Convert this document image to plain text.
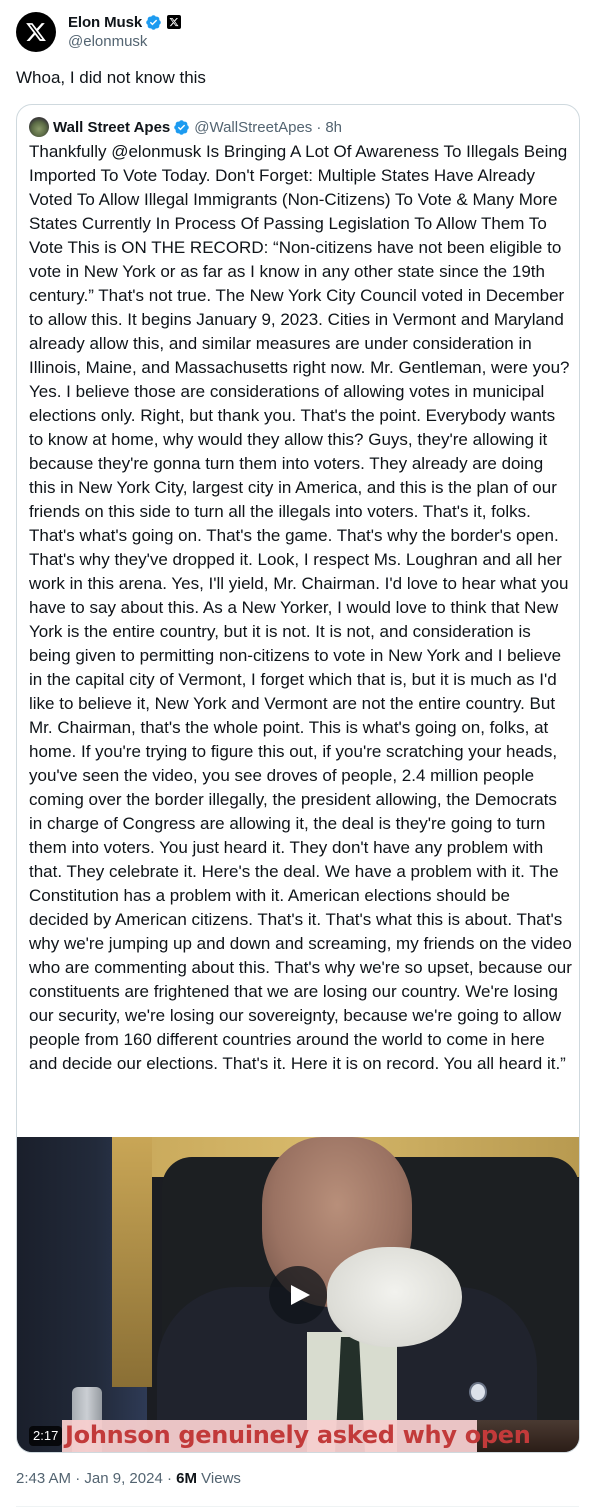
Elon Musk
@elonmusk
Whoa, I did not know this
Wall Street Apes @WallStreetApes · 8h
Thankfully @elonmusk Is Bringing A Lot Of Awareness To Illegals Being Imported To Vote Today. Don't Forget: Multiple States Have Already Voted To Allow Illegal Immigrants (Non-Citizens) To Vote & Many More States Currently In Process Of Passing Legislation To Allow Them To Vote This is ON THE RECORD: “Non-citizens have not been eligible to vote in New York or as far as I know in any other state since the 19th century.” That's not true. The New York City Council voted in December to allow this. It begins January 9, 2023. Cities in Vermont and Maryland already allow this, and similar measures are under consideration in Illinois, Maine, and Massachusetts right now. Mr. Gentleman, were you? Yes. I believe those are considerations of allowing votes in municipal elections only. Right, but thank you. That's the point. Everybody wants to know at home, why would they allow this? Guys, they're allowing it because they're gonna turn them into voters. They already are doing this in New York City, largest city in America, and this is the plan of our friends on this side to turn all the illegals into voters. That's it, folks. That's what's going on. That's the game. That's why the border's open. That's why they've dropped it. Look, I respect Ms. Loughran and all her work in this arena. Yes, I'll yield, Mr. Chairman. I'd love to hear what you have to say about this. As a New Yorker, I would love to think that New York is the entire country, but it is not. It is not, and consideration is being given to permitting non-citizens to vote in New York and I believe in the capital city of Vermont, I forget which that is, but it is much as I'd like to believe it, New York and Vermont are not the entire country. But Mr. Chairman, that's the whole point. This is what's going on, folks, at home. If you're trying to figure this out, if you're scratching your heads, you've seen the video, you see droves of people, 2.4 million people coming over the border illegally, the president allowing, the Democrats in charge of Congress are allowing it, the deal is they're going to turn them into voters. You just heard it. They don't have any problem with that. They celebrate it. Here's the deal. We have a problem with it. The Constitution has a problem with it. American elections should be decided by American citizens. That's it. That's what this is about. That's why we're jumping up and down and screaming, my friends on the video who are commenting about this. That's why we're so upset, because our constituents are frightened that we are losing our country. We're losing our security, we're losing our sovereignty, because we're going to allow people from 160 different countries around the world to come in here and decide our elections. That's it. Here it is on record. You all heard it.”
Johnson genuinely asked why open
2:17
2:43 AM · Jan 9, 2024 · 6M Views
